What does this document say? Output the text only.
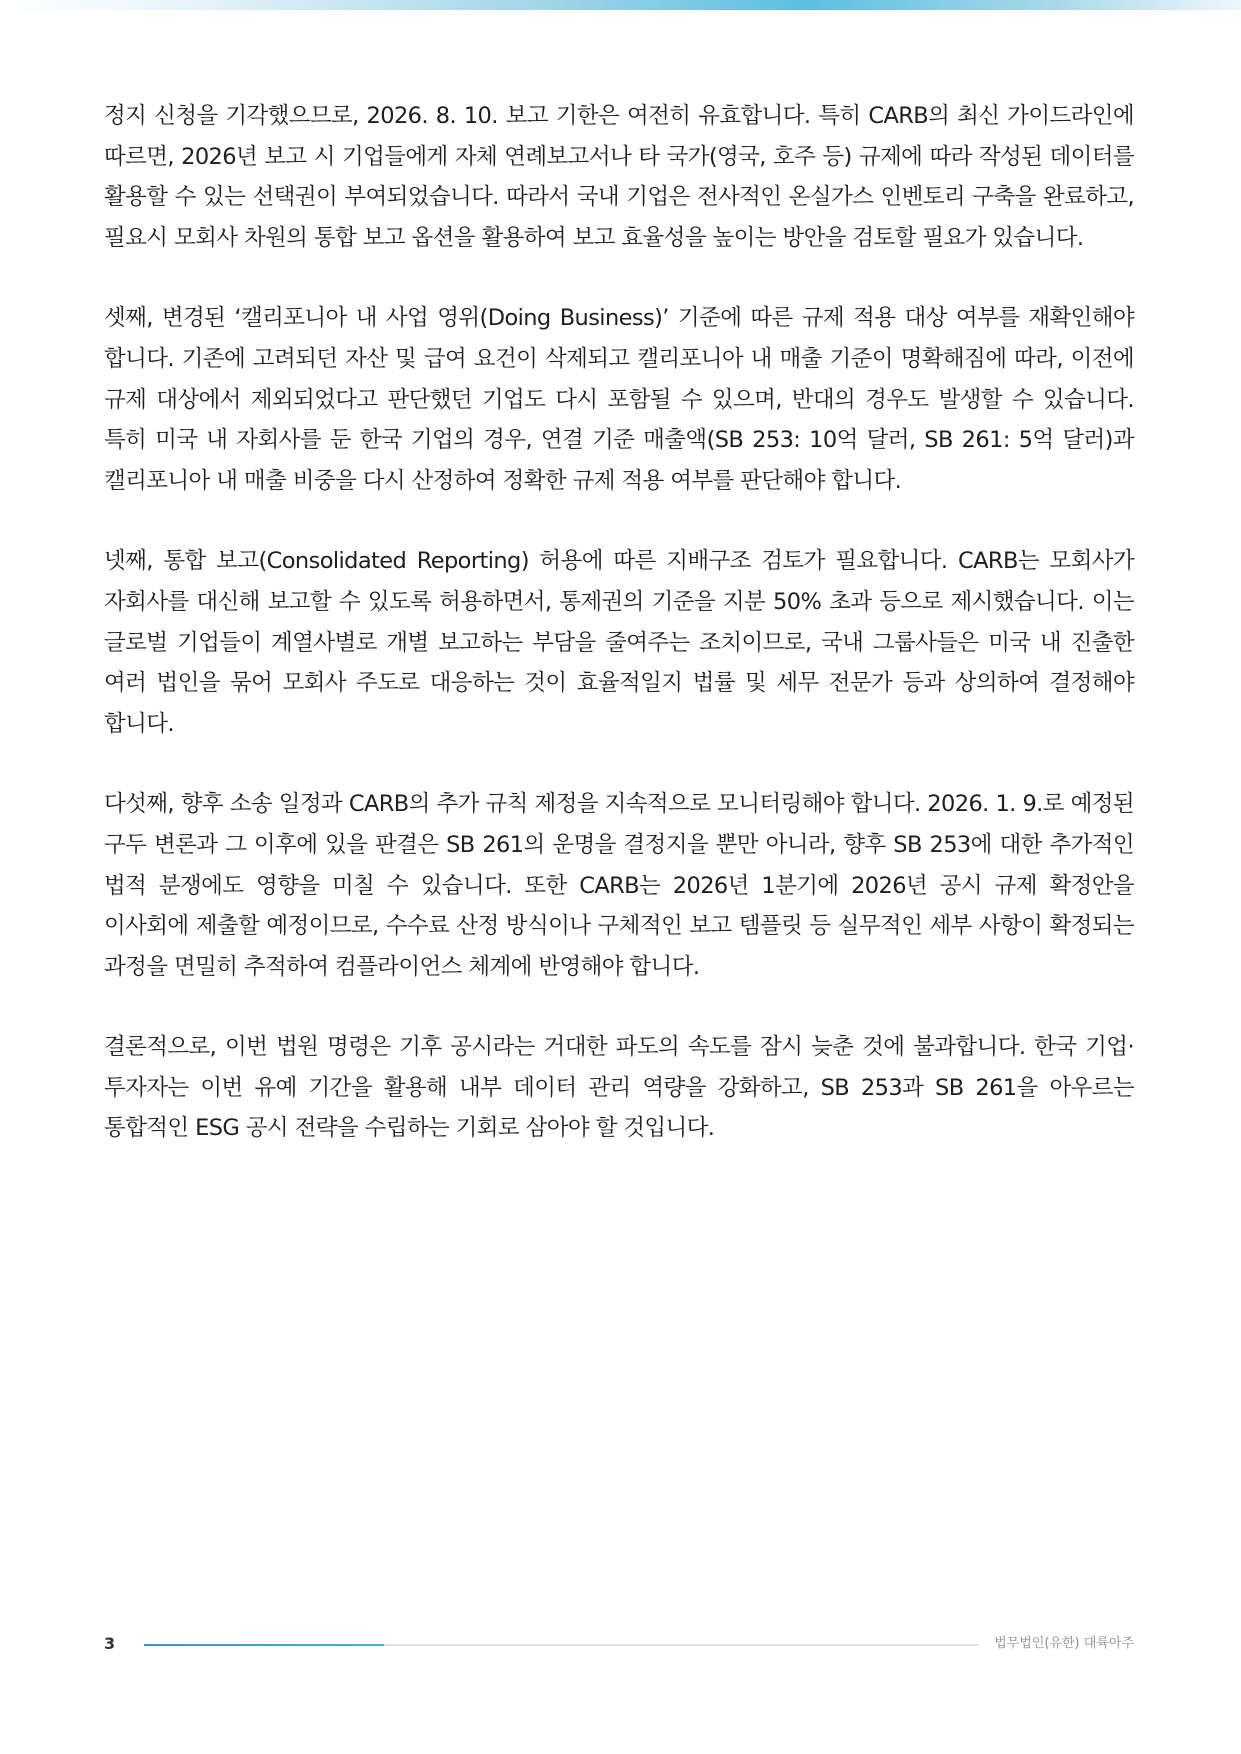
정지 신청을 기각했으므로, 2026. 8. 10. 보고 기한은 여전히 유효합니다. 특히 CARB의 최신 가이드라인에 따르면, 2026년 보고 시 기업들에게 자체 연례보고서나 타 국가(영국, 호주 등) 규제에 따라 작성된 데이터를 활용할 수 있는 선택권이 부여되었습니다. 따라서 국내 기업은 전사적인 온실가스 인벤토리 구축을 완료하고, 필요시 모회사 차원의 통합 보고 옵션을 활용하여 보고 효율성을 높이는 방안을 검토할 필요가 있습니다.

셋째, 변경된 ‘캘리포니아 내 사업 영위(Doing Business)’ 기준에 따른 규제 적용 대상 여부를 재확인해야 합니다. 기존에 고려되던 자산 및 급여 요건이 삭제되고 캘리포니아 내 매출 기준이 명확해짐에 따라, 이전에 규제 대상에서 제외되었다고 판단했던 기업도 다시 포함될 수 있으며, 반대의 경우도 발생할 수 있습니다. 특히 미국 내 자회사를 둔 한국 기업의 경우, 연결 기준 매출액(SB 253: 10억 달러, SB 261: 5억 달러)과 캘리포니아 내 매출 비중을 다시 산정하여 정확한 규제 적용 여부를 판단해야 합니다.

넷째, 통합 보고(Consolidated Reporting) 허용에 따른 지배구조 검토가 필요합니다. CARB는 모회사가 자회사를 대신해 보고할 수 있도록 허용하면서, 통제권의 기준을 지분 50% 초과 등으로 제시했습니다. 이는 글로벌 기업들이 계열사별로 개별 보고하는 부담을 줄여주는 조치이므로, 국내 그룹사들은 미국 내 진출한 여러 법인을 묶어 모회사 주도로 대응하는 것이 효율적일지 법률 및 세무 전문가 등과 상의하여 결정해야 합니다.

다섯째, 향후 소송 일정과 CARB의 추가 규칙 제정을 지속적으로 모니터링해야 합니다. 2026. 1. 9.로 예정된 구두 변론과 그 이후에 있을 판결은 SB 261의 운명을 결정지을 뿐만 아니라, 향후 SB 253에 대한 추가적인 법적 분쟁에도 영향을 미칠 수 있습니다. 또한 CARB는 2026년 1분기에 2026년 공시 규제 확정안을 이사회에 제출할 예정이므로, 수수료 산정 방식이나 구체적인 보고 템플릿 등 실무적인 세부 사항이 확정되는 과정을 면밀히 추적하여 컴플라이언스 체계에 반영해야 합니다.

결론적으로, 이번 법원 명령은 기후 공시라는 거대한 파도의 속도를 잠시 늦춘 것에 불과합니다. 한국 기업·투자자는 이번 유예 기간을 활용해 내부 데이터 관리 역량을 강화하고, SB 253과 SB 261을 아우르는 통합적인 ESG 공시 전략을 수립하는 기회로 삼아야 할 것입니다.

3	법무법인(유한) 대륙아주
